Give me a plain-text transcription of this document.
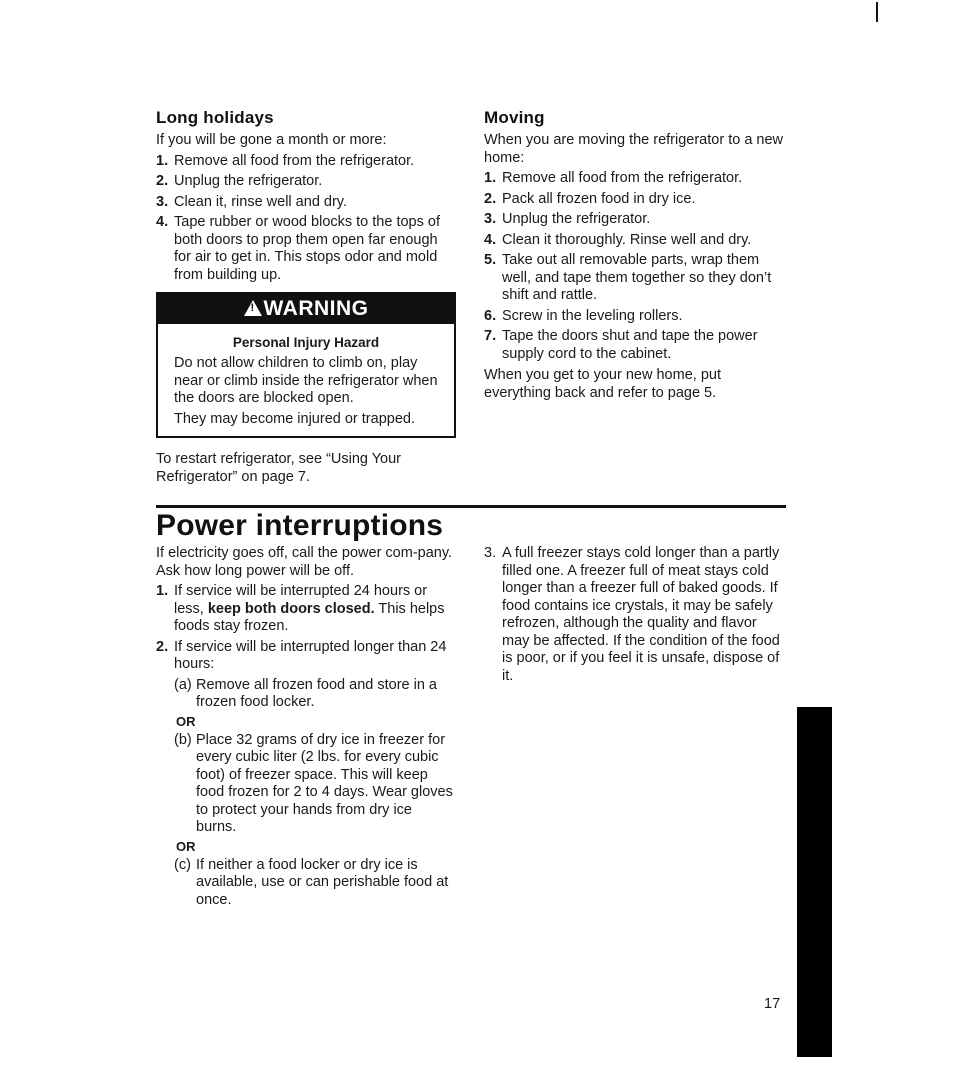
Long holidays
If you will be gone a month or more:
1. Remove all food from the refrigerator.
2. Unplug the refrigerator.
3. Clean it, rinse well and dry.
4. Tape rubber or wood blocks to the tops of both doors to prop them open far enough for air to get in. This stops odor and mold from building up.
!
WARNING
Personal Injury Hazard
Do not allow children to climb on, play near or climb inside the refrigerator when the doors are blocked open.
They may become injured or trapped.
To restart refrigerator, see “Using Your Refrigerator” on page 7.
Moving
When you are moving the refrigerator to a new home:
1. Remove all food from the refrigerator.
2. Pack all frozen food in dry ice.
3. Unplug the refrigerator.
4. Clean it thoroughly. Rinse well and dry.
5. Take out all removable parts, wrap them well, and tape them together so they don’t shift and rattle.
6. Screw in the leveling rollers.
7. Tape the doors shut and tape the power supply cord to the cabinet.
When you get to your new home, put everything back and refer to page 5.
Power interruptions
If electricity goes off, call the power com-pany. Ask how long power will be off.
1. If service will be interrupted 24 hours or less, keep both doors closed. This helps foods stay frozen.
2. If service will be interrupted longer than 24 hours:
(a) Remove all frozen food and store in a frozen food locker.
OR
(b) Place 32 grams of dry ice in freezer for every cubic liter (2 lbs. for every cubic foot) of freezer space. This will keep food frozen for 2 to 4 days. Wear gloves to protect your hands from dry ice burns.
OR
(c) If neither a food locker or dry ice is available, use or can perishable food at once.
3. A full freezer stays cold longer than a partly filled one. A freezer full of meat stays cold longer than a freezer full of baked goods. If food contains ice crystals, it may be safely refrozen, although the quality and flavor may be affected. If the condition of the food is poor, or if you feel it is unsafe, dispose of it.
17
